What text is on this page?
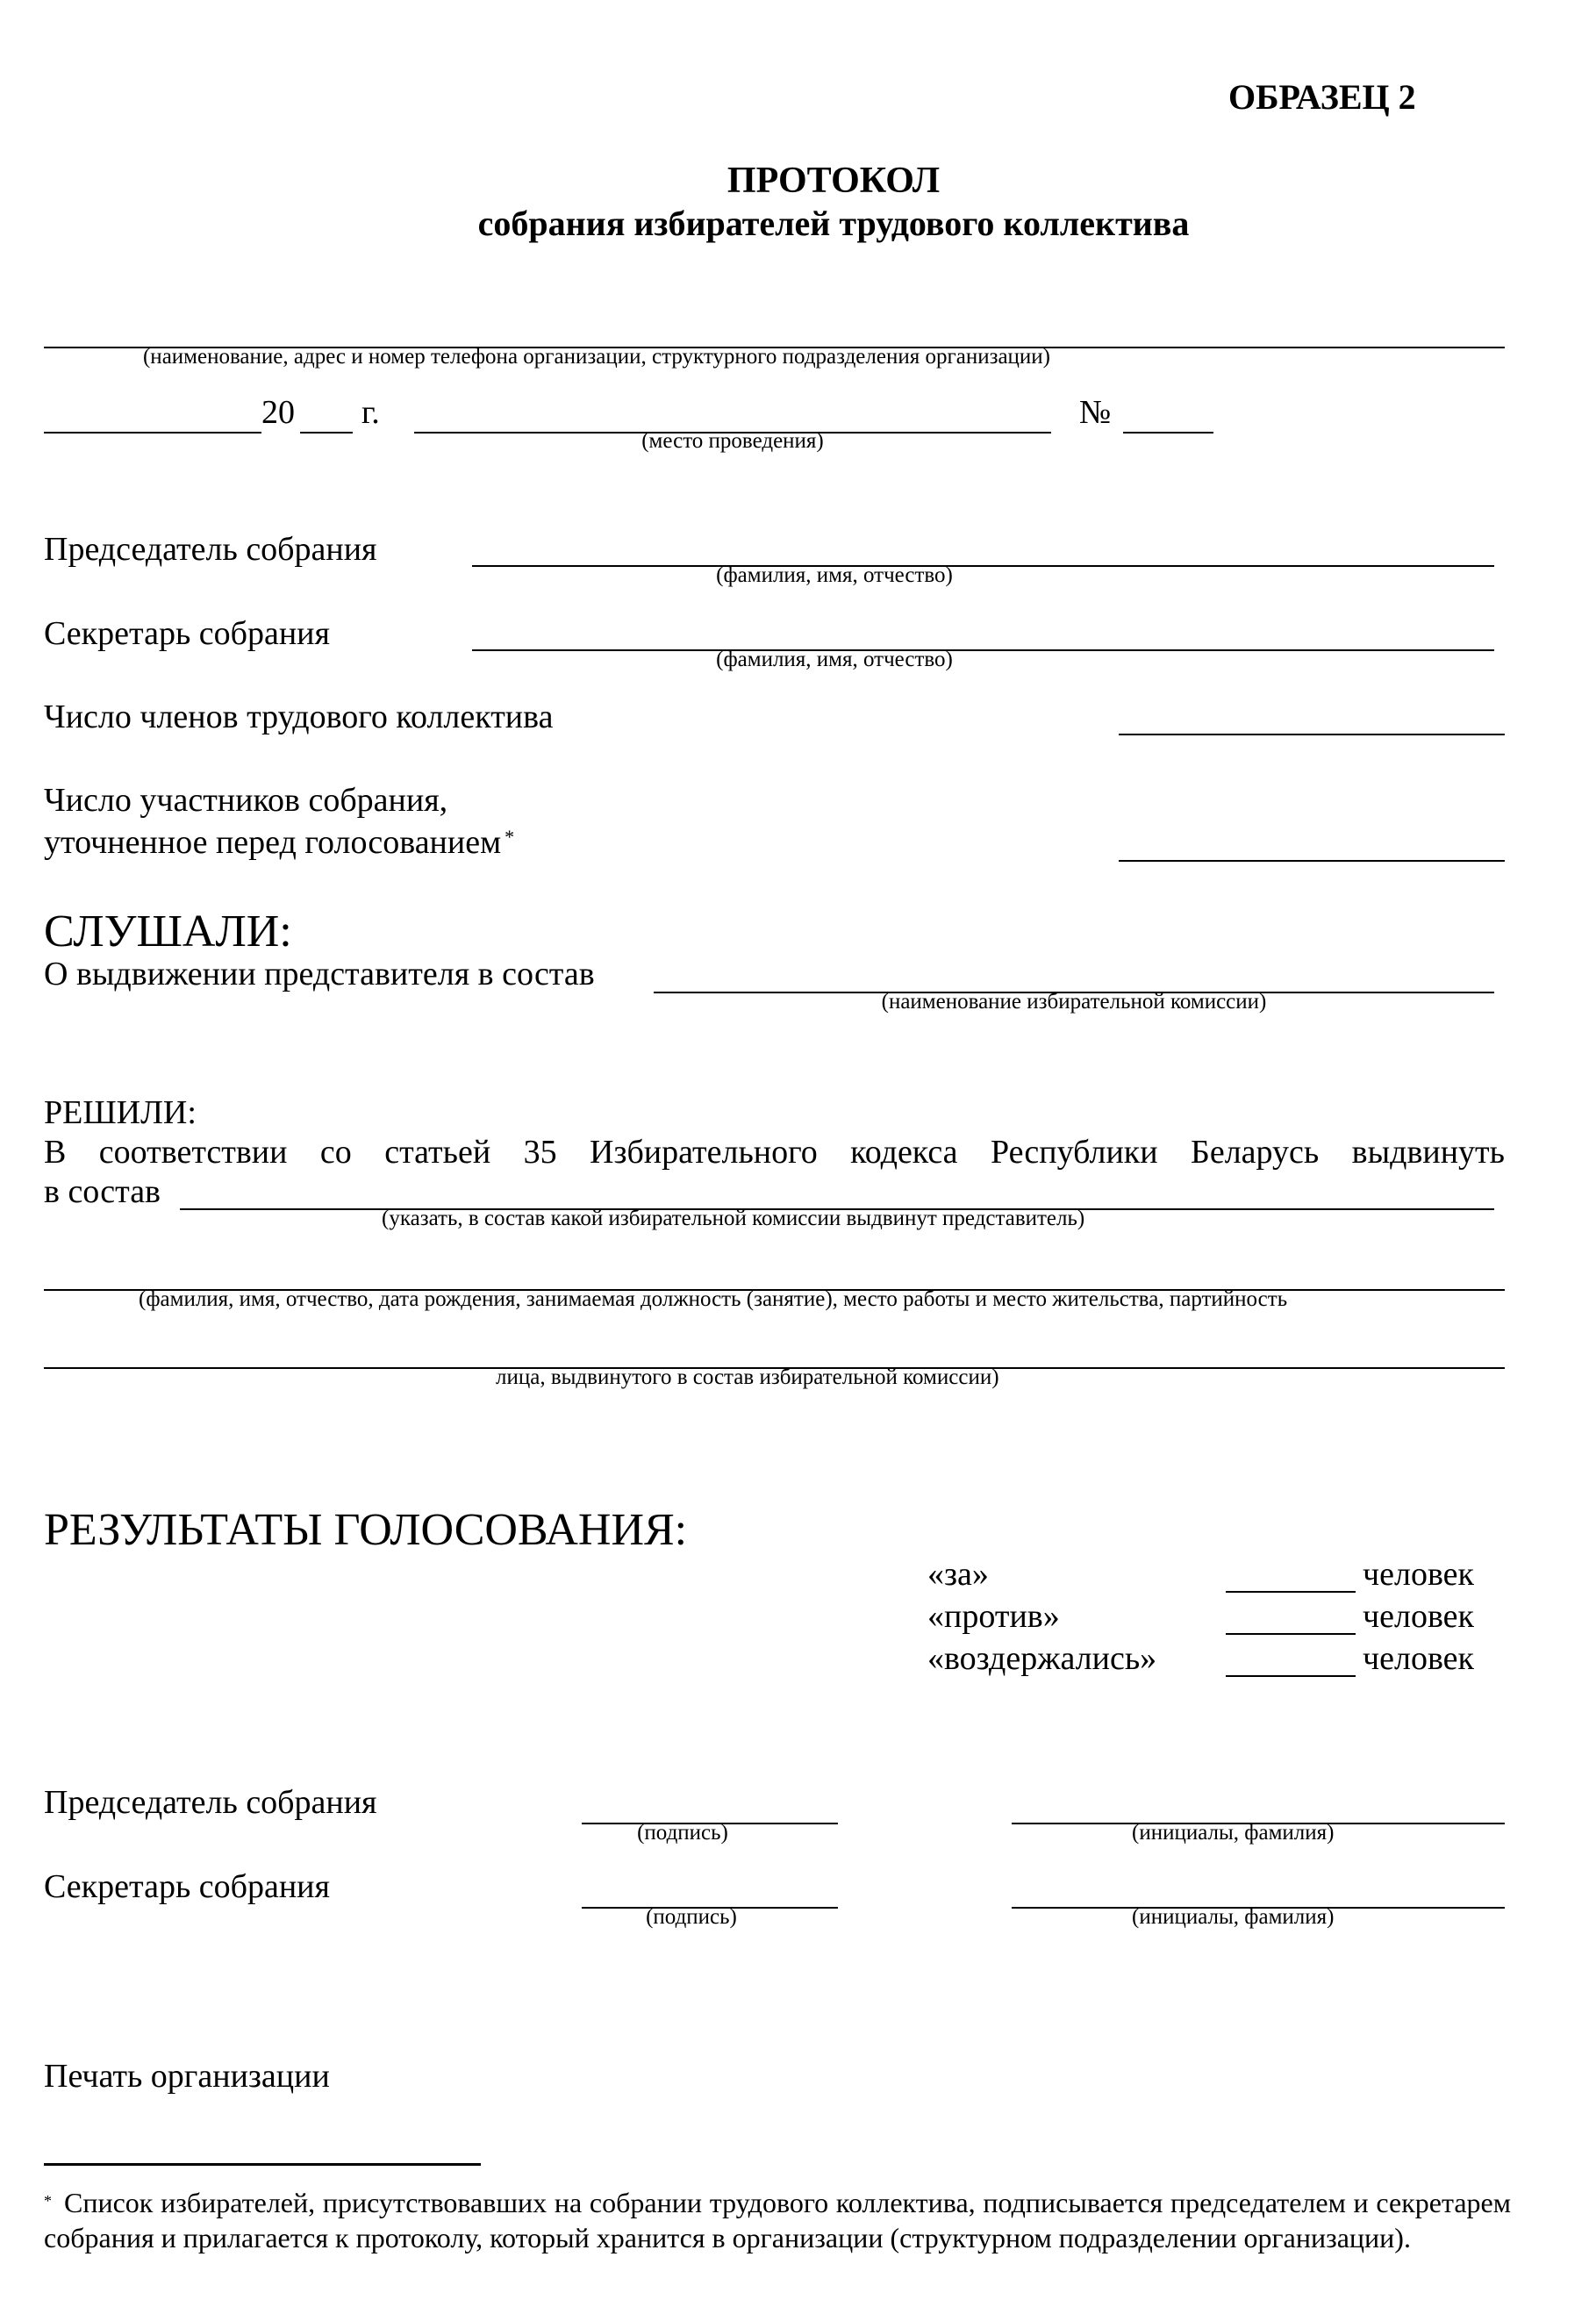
ОБРАЗЕЦ 2
ПРОТОКОЛ
собрания избирателей трудового коллектива
(наименование, адрес и номер телефона организации, структурного подразделения организации)
20 г.
(место проведения)
№
Председатель собрания
(фамилия, имя, отчество)
Секретарь собрания
(фамилия, имя, отчество)
Число членов трудового коллектива
Число участников собрания,
уточненное перед голосованием *
СЛУШАЛИ:
О выдвижении представителя в состав
(наименование избирательной комиссии)
РЕШИЛИ:
В соответствии со статьей 35 Избирательного кодекса Республики Беларусь выдвинуть
в состав
(указать, в состав какой избирательной комиссии выдвинут представитель)
(фамилия, имя, отчество, дата рождения, занимаемая должность (занятие), место работы и место жительства, партийность
лица, выдвинутого в состав избирательной комиссии)
РЕЗУЛЬТАТЫ ГОЛОСОВАНИЯ:
«за»	человек
«против»	человек
«воздержались»	человек
Председатель собрания
(подпись)	(инициалы, фамилия)
Секретарь собрания
(подпись)	(инициалы, фамилия)
Печать организации
* Список избирателей, присутствовавших на собрании трудового коллектива, подписывается председателем и секретарем собрания и прилагается к протоколу, который хранится в организации (структурном подразделении организации).
